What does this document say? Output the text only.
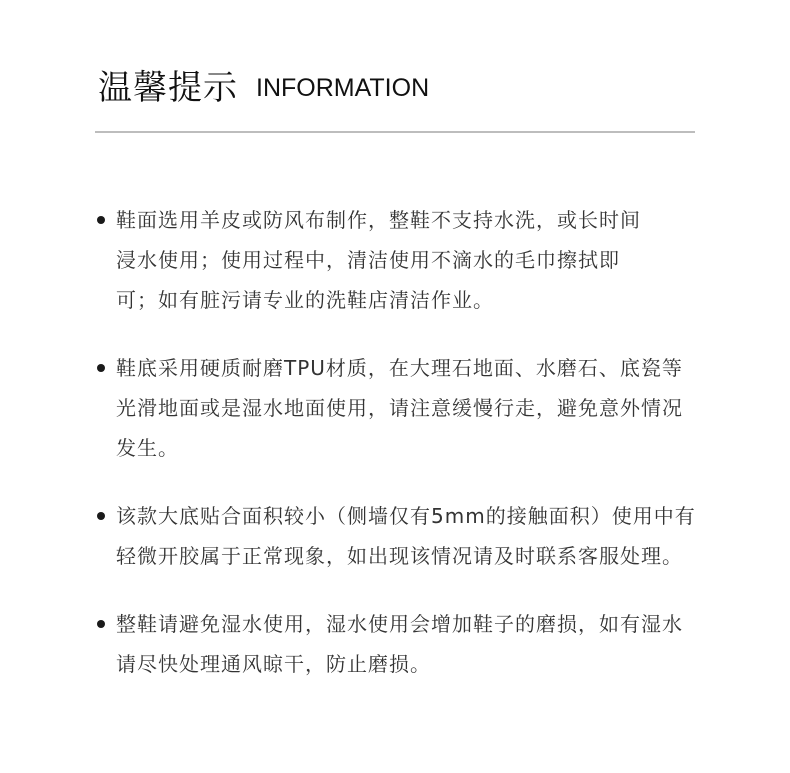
温馨提示 INFORMATION
鞋面选用羊皮或防风布制作，整鞋不支持水洗，或长时间
浸水使用；使用过程中，清洁使用不滴水的毛巾擦拭即
可；如有脏污请专业的洗鞋店清洁作业。
鞋底采用硬质耐磨TPU材质，在大理石地面、水磨石、底瓷等
光滑地面或是湿水地面使用，请注意缓慢行走，避免意外情况
发生。
该款大底贴合面积较小（侧墙仅有5mm的接触面积）使用中有
轻微开胶属于正常现象，如出现该情况请及时联系客服处理。
整鞋请避免湿水使用，湿水使用会增加鞋子的磨损，如有湿水
请尽快处理通风晾干，防止磨损。
